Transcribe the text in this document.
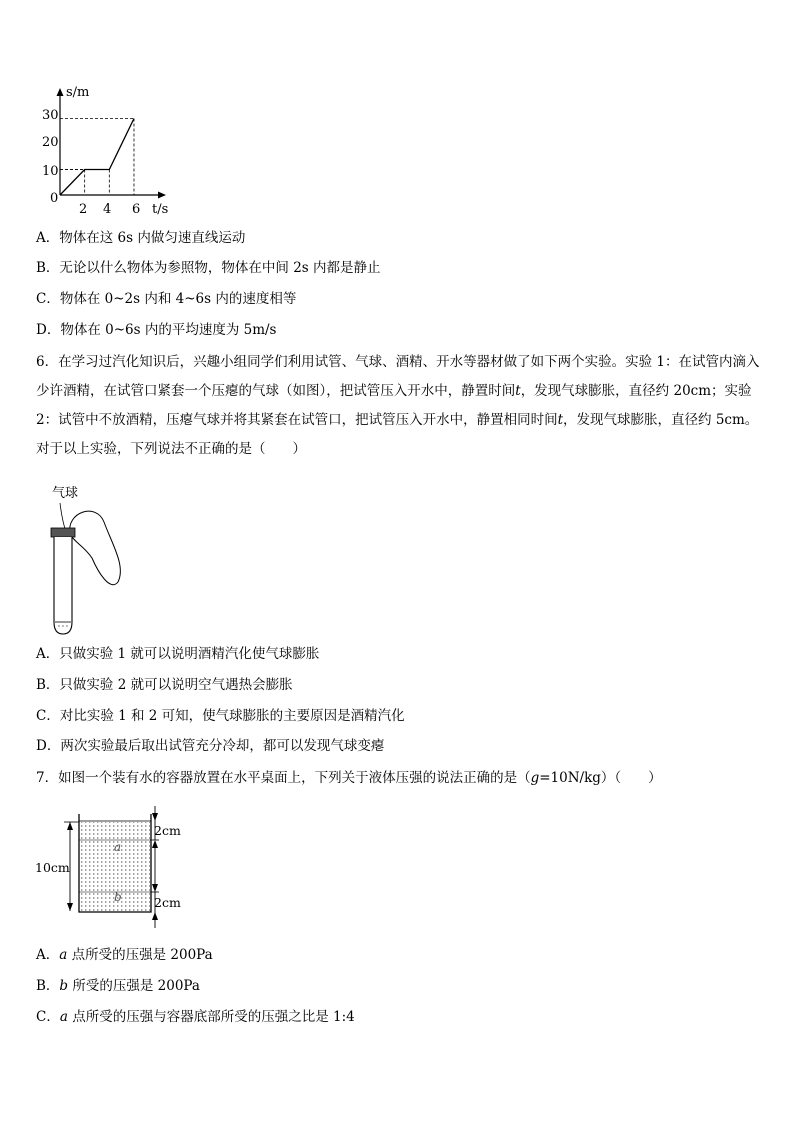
s/m
t/s
0
10
20
30
2 4 6
A．物体在这 6s 内做匀速直线运动
B．无论以什么物体为参照物，物体在中间 2s 内都是静止
C．物体在 0~2s 内和 4~6s 内的速度相等
D．物体在 0~6s 内的平均速度为 5m/s
6．在学习过汽化知识后，兴趣小组同学们利用试管、气球、酒精、开水等器材做了如下两个实验。实验 1：在试管内滴入少许酒精，在试管口紧套一个压瘪的气球（如图），把试管压入开水中，静置时间t，发现气球膨胀，直径约 20cm；实验 2：试管中不放酒精，压瘪气球并将其紧套在试管口，把试管压入开水中，静置相同时间t，发现气球膨胀，直径约 5cm。对于以上实验，下列说法不正确的是（　　）
气球
A．只做实验 1 就可以说明酒精汽化使气球膨胀
B．只做实验 2 就可以说明空气遇热会膨胀
C．对比实验 1 和 2 可知，使气球膨胀的主要原因是酒精汽化
D．两次实验最后取出试管充分冷却，都可以发现气球变瘪
7．如图一个装有水的容器放置在水平桌面上，下列关于液体压强的说法正确的是（g=10N/kg）（　　）
10cm
a
b
2cm
2cm
A．a 点所受的压强是 200Pa
B．b 所受的压强是 200Pa
C．a 点所受的压强与容器底部所受的压强之比是 1:4
